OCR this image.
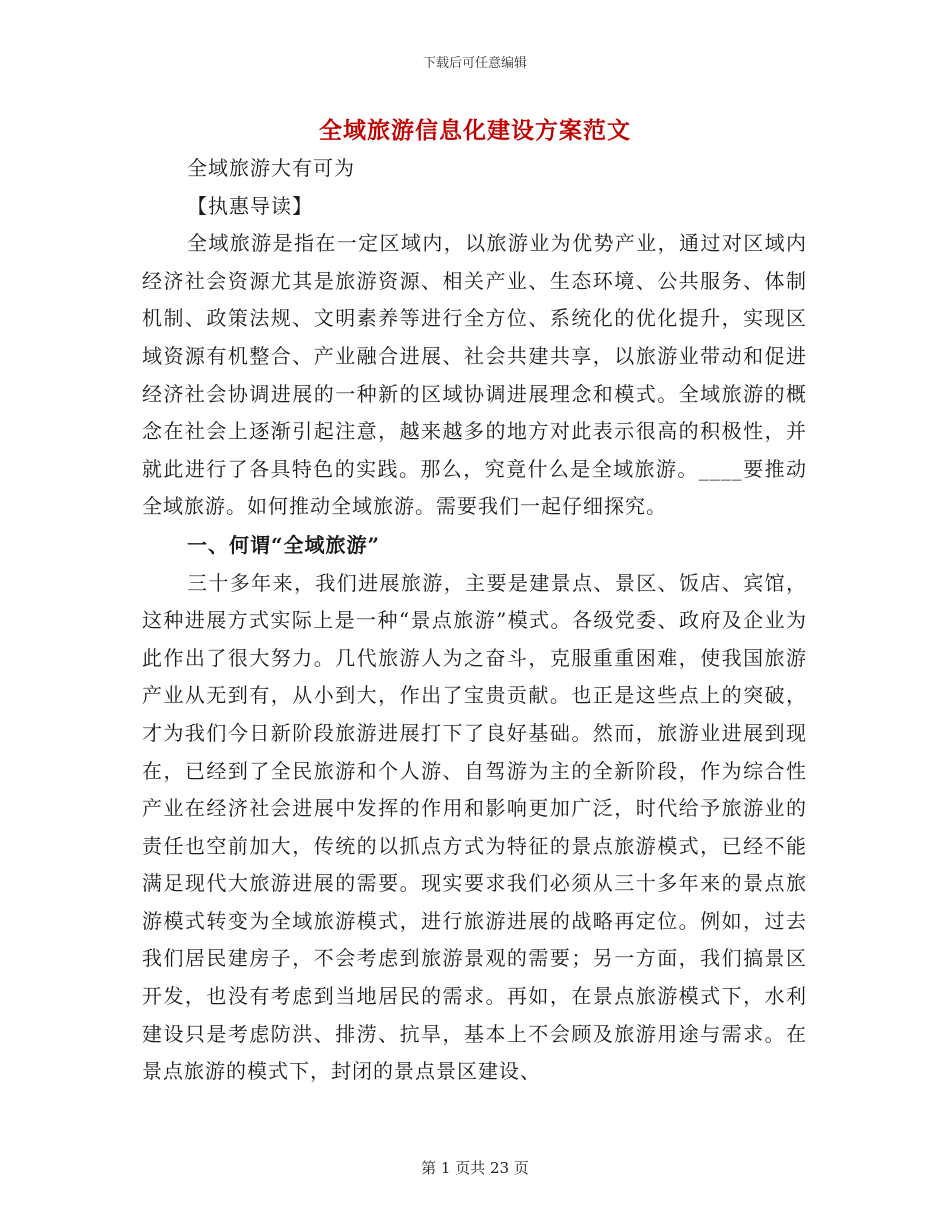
下载后可任意编辑
全域旅游信息化建设方案范文

全域旅游大有可为

【执惠导读】

全域旅游是指在一定区域内，以旅游业为优势产业，通过对区域内经济社会资源尤其是旅游资源、相关产业、生态环境、公共服务、体制机制、政策法规、文明素养等进行全方位、系统化的优化提升，实现区域资源有机整合、产业融合进展、社会共建共享，以旅游业带动和促进经济社会协调进展的一种新的区域协调进展理念和模式。全域旅游的概念在社会上逐渐引起注意，越来越多的地方对此表示很高的积极性，并就此进行了各具特色的实践。那么，究竟什么是全域旅游。____要推动全域旅游。如何推动全域旅游。需要我们一起仔细探究。

一、何谓“全域旅游”

三十多年来，我们进展旅游，主要是建景点、景区、饭店、宾馆，这种进展方式实际上是一种“景点旅游”模式。各级党委、政府及企业为此作出了很大努力。几代旅游人为之奋斗，克服重重困难，使我国旅游产业从无到有，从小到大，作出了宝贵贡献。也正是这些点上的突破，才为我们今日新阶段旅游进展打下了良好基础。然而，旅游业进展到现在，已经到了全民旅游和个人游、自驾游为主的全新阶段，作为综合性产业在经济社会进展中发挥的作用和影响更加广泛，时代给予旅游业的责任也空前加大，传统的以抓点方式为特征的景点旅游模式，已经不能满足现代大旅游进展的需要。现实要求我们必须从三十多年来的景点旅游模式转变为全域旅游模式，进行旅游进展的战略再定位。例如，过去我们居民建房子，不会考虑到旅游景观的需要；另一方面，我们搞景区开发，也没有考虑到当地居民的需求。再如，在景点旅游模式下，水利建设只是考虑防洪、排涝、抗旱，基本上不会顾及旅游用途与需求。在景点旅游的模式下，封闭的景点景区建设、

第 1 页共 23 页
